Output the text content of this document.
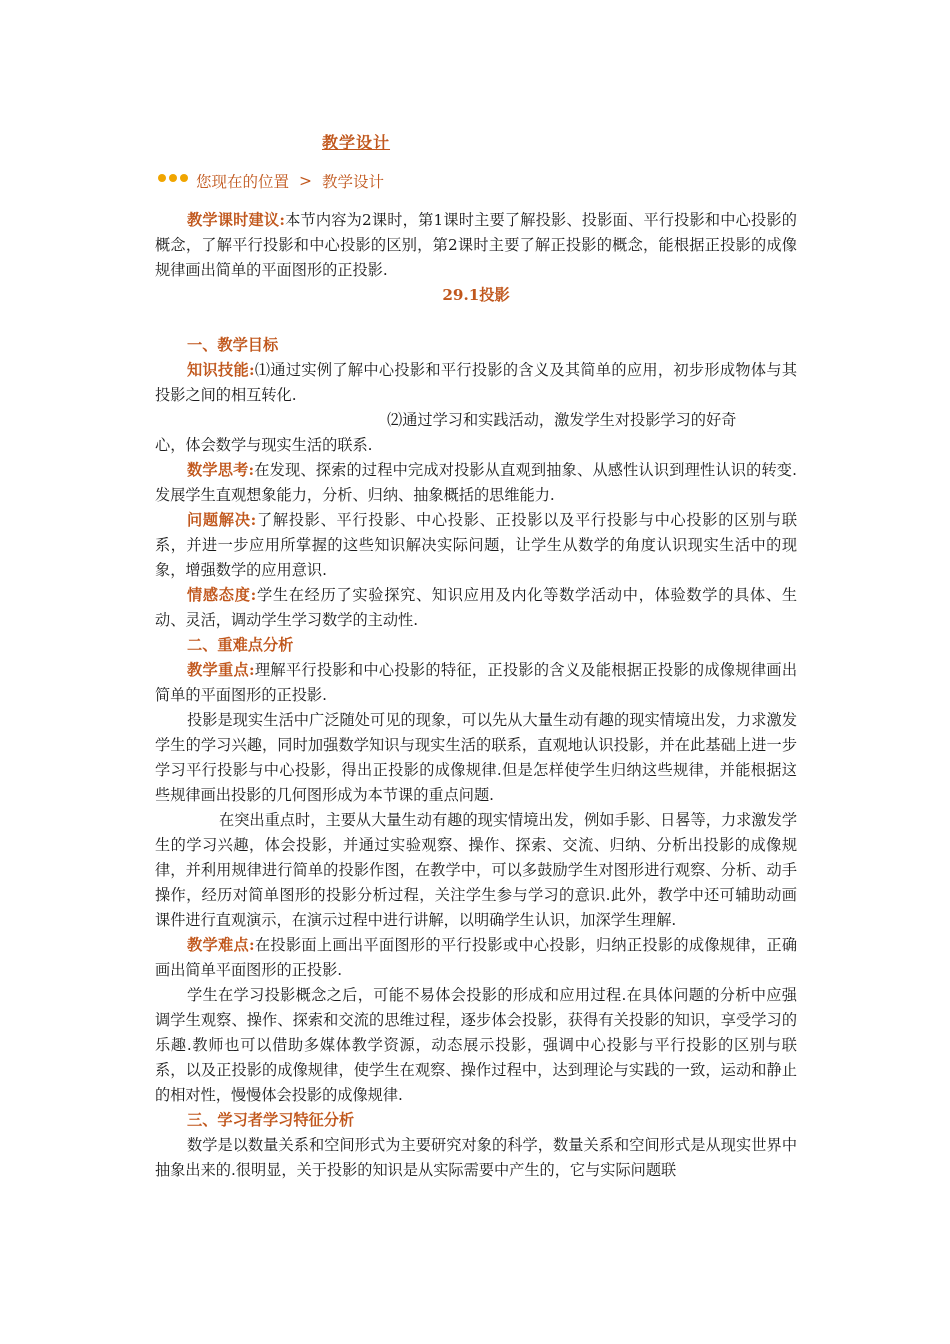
教学设计
您现在的位置 > 教学设计

教学课时建议:本节内容为2课时，第1课时主要了解投影、投影面、平行投影和中心投影的概念，了解平行投影和中心投影的区别，第2课时主要了解正投影的概念，能根据正投影的成像规律画出简单的平面图形的正投影.

29.1投影

一、教学目标

知识技能:⑴通过实例了解中心投影和平行投影的含义及其简单的应用，初步形成物体与其投影之间的相互转化.

⑵通过学习和实践活动，激发学生对投影学习的好奇

心，体会数学与现实生活的联系.

数学思考:在发现、探索的过程中完成对投影从直观到抽象、从感性认识到理性认识的转变.发展学生直观想象能力，分析、归纳、抽象概括的思维能力.

问题解决:了解投影、平行投影、中心投影、正投影以及平行投影与中心投影的区别与联系，并进一步应用所掌握的这些知识解决实际问题，让学生从数学的角度认识现实生活中的现象，增强数学的应用意识.

情感态度:学生在经历了实验探究、知识应用及内化等数学活动中，体验数学的具体、生动、灵活，调动学生学习数学的主动性.

二、重难点分析

教学重点:理解平行投影和中心投影的特征，正投影的含义及能根据正投影的成像规律画出简单的平面图形的正投影.

投影是现实生活中广泛随处可见的现象，可以先从大量生动有趣的现实情境出发，力求激发学生的学习兴趣，同时加强数学知识与现实生活的联系，直观地认识投影，并在此基础上进一步学习平行投影与中心投影，得出正投影的成像规律.但是怎样使学生归纳这些规律，并能根据这些规律画出投影的几何图形成为本节课的重点问题.

在突出重点时，主要从大量生动有趣的现实情境出发，例如手影、日晷等，力求激发学生的学习兴趣，体会投影，并通过实验观察、操作、探索、交流、归纳、分析出投影的成像规律，并利用规律进行简单的投影作图，在教学中，可以多鼓励学生对图形进行观察、分析、动手操作，经历对简单图形的投影分析过程，关注学生参与学习的意识.此外，教学中还可辅助动画课件进行直观演示，在演示过程中进行讲解，以明确学生认识，加深学生理解.

教学难点:在投影面上画出平面图形的平行投影或中心投影，归纳正投影的成像规律，正确画出简单平面图形的正投影.

学生在学习投影概念之后，可能不易体会投影的形成和应用过程.在具体问题的分析中应强调学生观察、操作、探索和交流的思维过程，逐步体会投影，获得有关投影的知识，享受学习的乐趣.教师也可以借助多媒体教学资源，动态展示投影，强调中心投影与平行投影的区别与联系，以及正投影的成像规律，使学生在观察、操作过程中，达到理论与实践的一致，运动和静止的相对性，慢慢体会投影的成像规律.

三、学习者学习特征分析

数学是以数量关系和空间形式为主要研究对象的科学，数量关系和空间形式是从现实世界中抽象出来的.很明显，关于投影的知识是从实际需要中产生的，它与实际问题联
